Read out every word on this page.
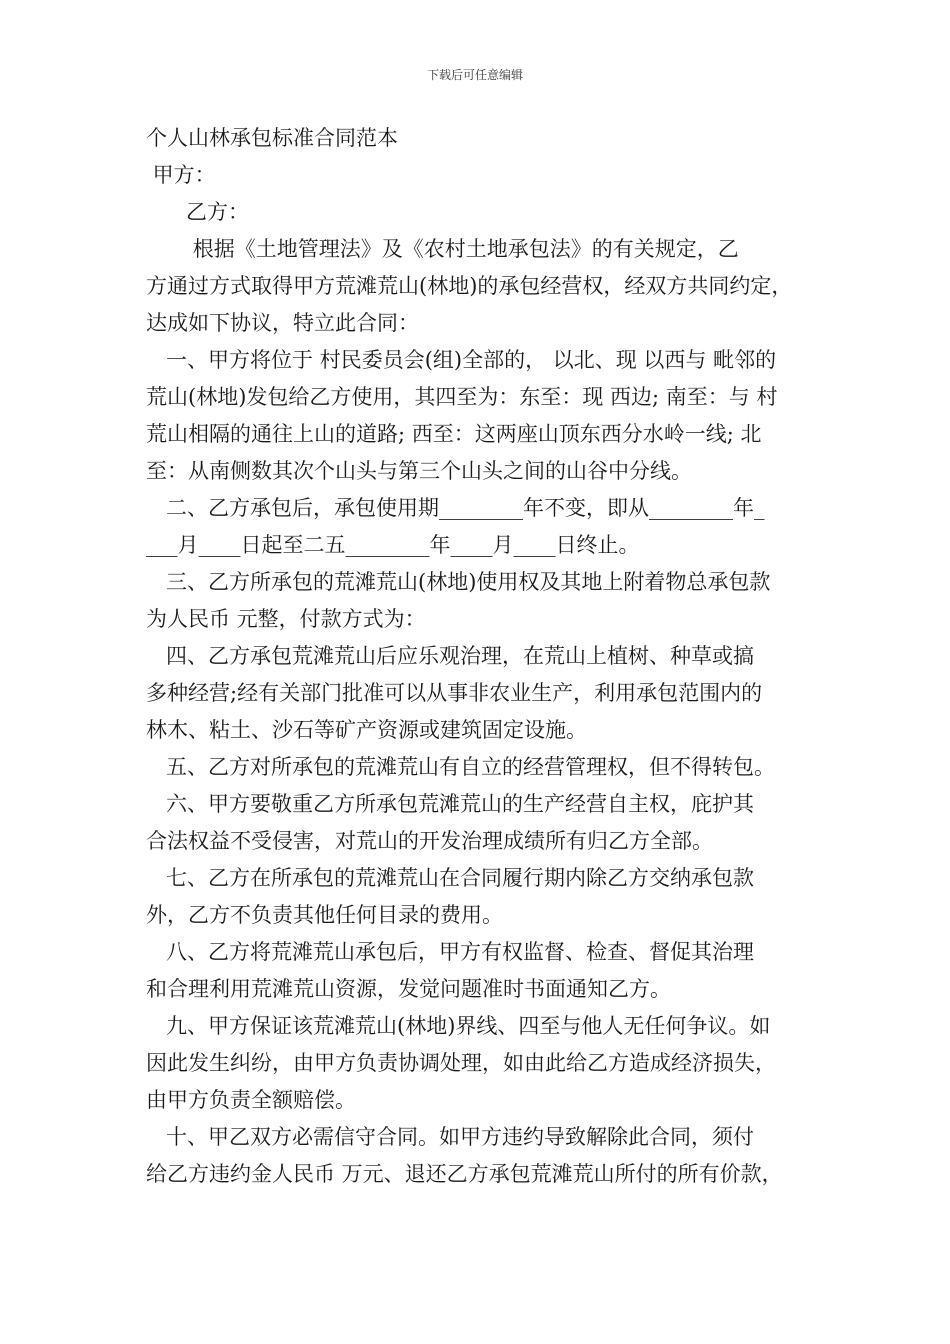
下载后可任意编辑
个人山林承包标准合同范本
甲方：
乙方：
根据《土地管理法》及《农村土地承包法》的有关规定，乙
方通过方式取得甲方荒滩荒山(林地)的承包经营权，经双方共同约定，
达成如下协议，特立此合同：
一、甲方将位于 村民委员会(组)全部的， 以北、现 以西与 毗邻的
荒山(林地)发包给乙方使用，其四至为：东至：现 西边; 南至：与 村
荒山相隔的通往上山的道路; 西至：这两座山顶东西分水岭一线; 北
至：从南侧数其次个山头与第三个山头之间的山谷中分线。
二、乙方承包后，承包使用期________年不变，即从________年_
___月____日起至二五________年____月____日终止。
三、乙方所承包的荒滩荒山(林地)使用权及其地上附着物总承包款
为人民币 元整，付款方式为：
四、乙方承包荒滩荒山后应乐观治理，在荒山上植树、种草或搞
多种经营;经有关部门批准可以从事非农业生产，利用承包范围内的
林木、粘土、沙石等矿产资源或建筑固定设施。
五、乙方对所承包的荒滩荒山有自立的经营管理权，但不得转包。
六、甲方要敬重乙方所承包荒滩荒山的生产经营自主权，庇护其
合法权益不受侵害，对荒山的开发治理成绩所有归乙方全部。
七、乙方在所承包的荒滩荒山在合同履行期内除乙方交纳承包款
外，乙方不负责其他任何目录的费用。
八、乙方将荒滩荒山承包后，甲方有权监督、检查、督促其治理
和合理利用荒滩荒山资源，发觉问题准时书面通知乙方。
九、甲方保证该荒滩荒山(林地)界线、四至与他人无任何争议。如
因此发生纠纷，由甲方负责协调处理，如由此给乙方造成经济损失，
由甲方负责全额赔偿。
十、甲乙双方必需信守合同。如甲方违约导致解除此合同，须付
给乙方违约金人民币 万元、退还乙方承包荒滩荒山所付的所有价款，
